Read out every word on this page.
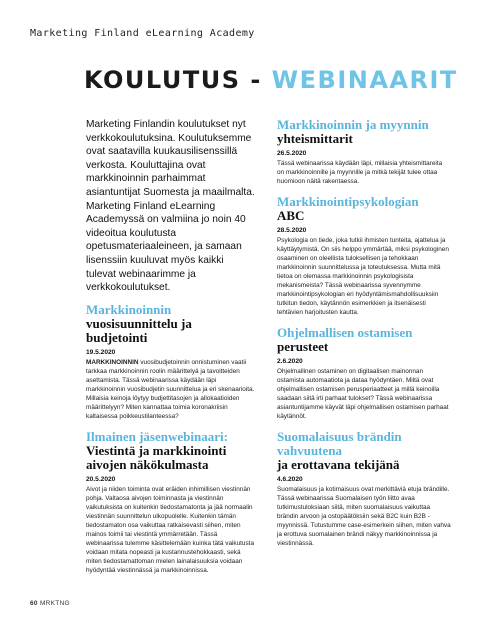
Marketing Finland eLearning Academy
KOULUTUS - WEBINAARIT

Marketing Finlandin koulutukset nyt verkkokoulutuksina. Koulutuksemme ovat saatavilla kuukausilisenssillä verkosta. Kouluttajina ovat markkinoinnin parhaimmat asiantuntijat Suomesta ja maailmalta. Marketing Finland eLearning Academyssä on valmiina jo noin 40 videoitua koulutusta opetusmateriaaleineen, ja samaan lisenssiin kuuluvat myös kaikki tulevat webinaarimme ja verkkokoulutukset.

Markkinoinnin
vuosisuunnittelu ja budjetointi
19.5.2020

MARKKINOINNIN vuosibudjetoinnin onnistuminen vaatii tarkkaa markkinoinnin roolin määrittelyä ja tavoitteiden asettamista. Tässä webinaarissa käydään läpi markkinoinnin vuosibudjetin suunnittelua ja eri skenaarioita. Millaisia keinoja löytyy budjettitasojen ja allokaatioiden määrittelyyn? Miten kannattaa toimia koronakriisin kaltaisessa poikkeustilanteessa?

Ilmainen jäsenwebinaari:
Viestintä ja markkinointi aivojen näkökulmasta
20.5.2020

Aivot ja niiden toiminta ovat eräiden inhimillisen viestinnän pohja. Valtaosa aivojen toiminnasta ja viestinnän vaikutuksista on kuitenkin tiedostamatonta ja jää normaalin viestinnän suunnittelun ulkopuolelle. Kuitenkin tämän tiedostamaton osa vaikuttaa ratkaisevasti siihen, miten mainos toimii tai viestintä ymmärretään. Tässä webinaarissa tulemme käsittelemään kuinka tätä vaikutusta voidaan mitata nopeasti ja kustannustehokkaasti, sekä miten tiedostamattoman mielen lainalaisuuksia voidaan hyödyntää viestinnässä ja markkinoinnissa.

Markkinoinnin ja myynnin
yhteismittarit
26.5.2020

Tässä webinaarissa käydään läpi, millaisia yhteismittareita on markkinoinnille ja myynnille ja mitkä tekijät tulee ottaa huomioon näitä rakentaessa.

Markkinointipsykologian
ABC
28.5.2020

Psykologia on tiede, joka tutkii ihmisten tunteita, ajattelua ja käyttäytymistä. On siis helppo ymmärtää, miksi psykologinen osaaminen on oleellista tuloksellisen ja tehokkaan markkinoinnin suunnittelussa ja toteutuksessa. Mutta mitä tietoa on olemassa markkinoinnin psykologisista mekanismeista? Tässä webinaarissa syvennymme markkinointipsykologian eri hyödyntämismahdollisuuksiin tutkitun tiedon, käytännön esimerkkien ja itsenäisesti tehtävien harjoitusten kautta.

Ohjelmallisen ostamisen
perusteet
2.6.2020

Ohjelmallinen ostaminen on digitaalisen mainonnan ostamista automaatiota ja dataa hyödyntäen. Miltä ovat ohjelmallisen ostamisen perusperiaatteet ja millä keinoilla saadaan siitä irti parhaat tulokset? Tässä webinaarissa asiantuntijamme käyvät läpi ohjelmallisen ostamisen parhaat käytännöt.

Suomalaisuus brändin vahvuutena
ja erottavana tekijänä
4.6.2020

Suomalaisuus ja kotimaisuus ovat merkittäviä etuja brändille. Tässä webinaarissa Suomalaisen työn liitto avaa tutkimustuloksiaan siitä, miten suomalaisuus vaikuttaa brändin arvoon ja ostopäätöksiin sekä B2C kuin B2B -myynnissä. Tutustumme case-esimerkein siihen, miten vahva ja erottuva suomalainen brändi näkyy markkinoinnissa ja viestinnässä.

60 MRKTNG
